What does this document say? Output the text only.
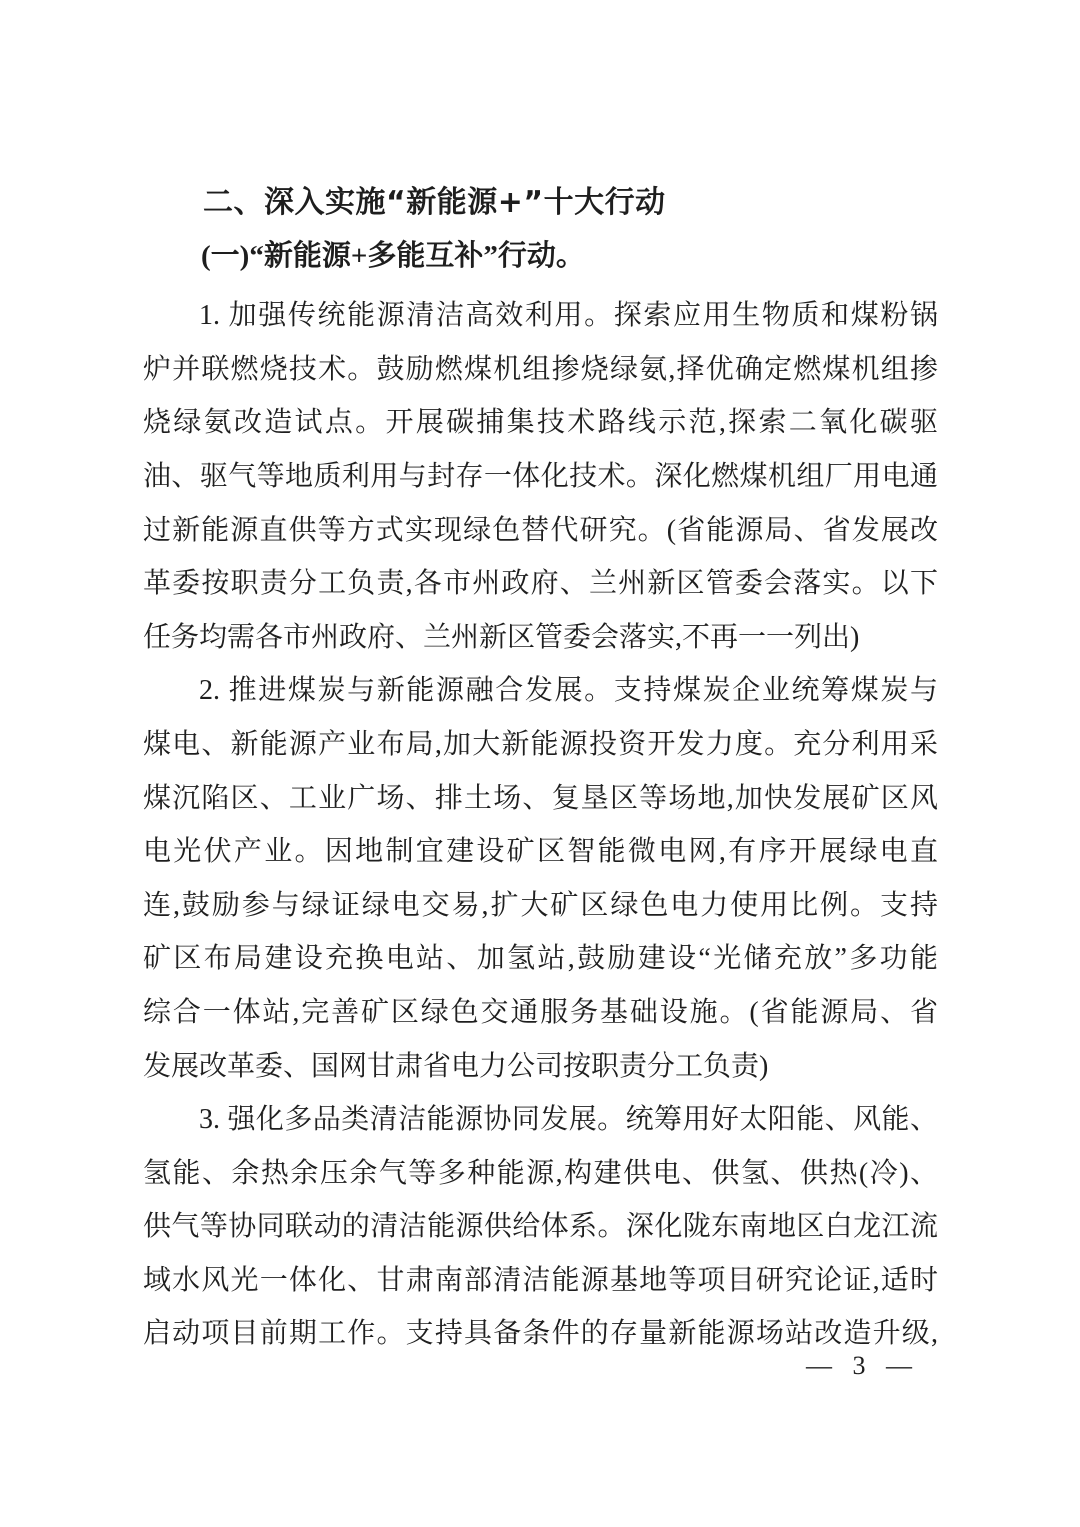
二、深入实施“新能源+”十大行动
(一)“新能源+多能互补”行动。
1. 加强传统能源清洁高效利用。探索应用生物质和煤粉锅
炉并联燃烧技术。鼓励燃煤机组掺烧绿氨,择优确定燃煤机组掺
烧绿氨改造试点。开展碳捕集技术路线示范,探索二氧化碳驱
油、驱气等地质利用与封存一体化技术。深化燃煤机组厂用电通
过新能源直供等方式实现绿色替代研究。(省能源局、省发展改
革委按职责分工负责,各市州政府、兰州新区管委会落实。以下
任务均需各市州政府、兰州新区管委会落实,不再一一列出)
2. 推进煤炭与新能源融合发展。支持煤炭企业统筹煤炭与
煤电、新能源产业布局,加大新能源投资开发力度。充分利用采
煤沉陷区、工业广场、排土场、复垦区等场地,加快发展矿区风
电光伏产业。因地制宜建设矿区智能微电网,有序开展绿电直
连,鼓励参与绿证绿电交易,扩大矿区绿色电力使用比例。支持
矿区布局建设充换电站、加氢站,鼓励建设“光储充放”多功能
综合一体站,完善矿区绿色交通服务基础设施。(省能源局、省
发展改革委、国网甘肃省电力公司按职责分工负责)
3. 强化多品类清洁能源协同发展。统筹用好太阳能、风能、
氢能、余热余压余气等多种能源,构建供电、供氢、供热(冷)、
供气等协同联动的清洁能源供给体系。深化陇东南地区白龙江流
域水风光一体化、甘肃南部清洁能源基地等项目研究论证,适时
启动项目前期工作。支持具备条件的存量新能源场站改造升级,
— 3 —
